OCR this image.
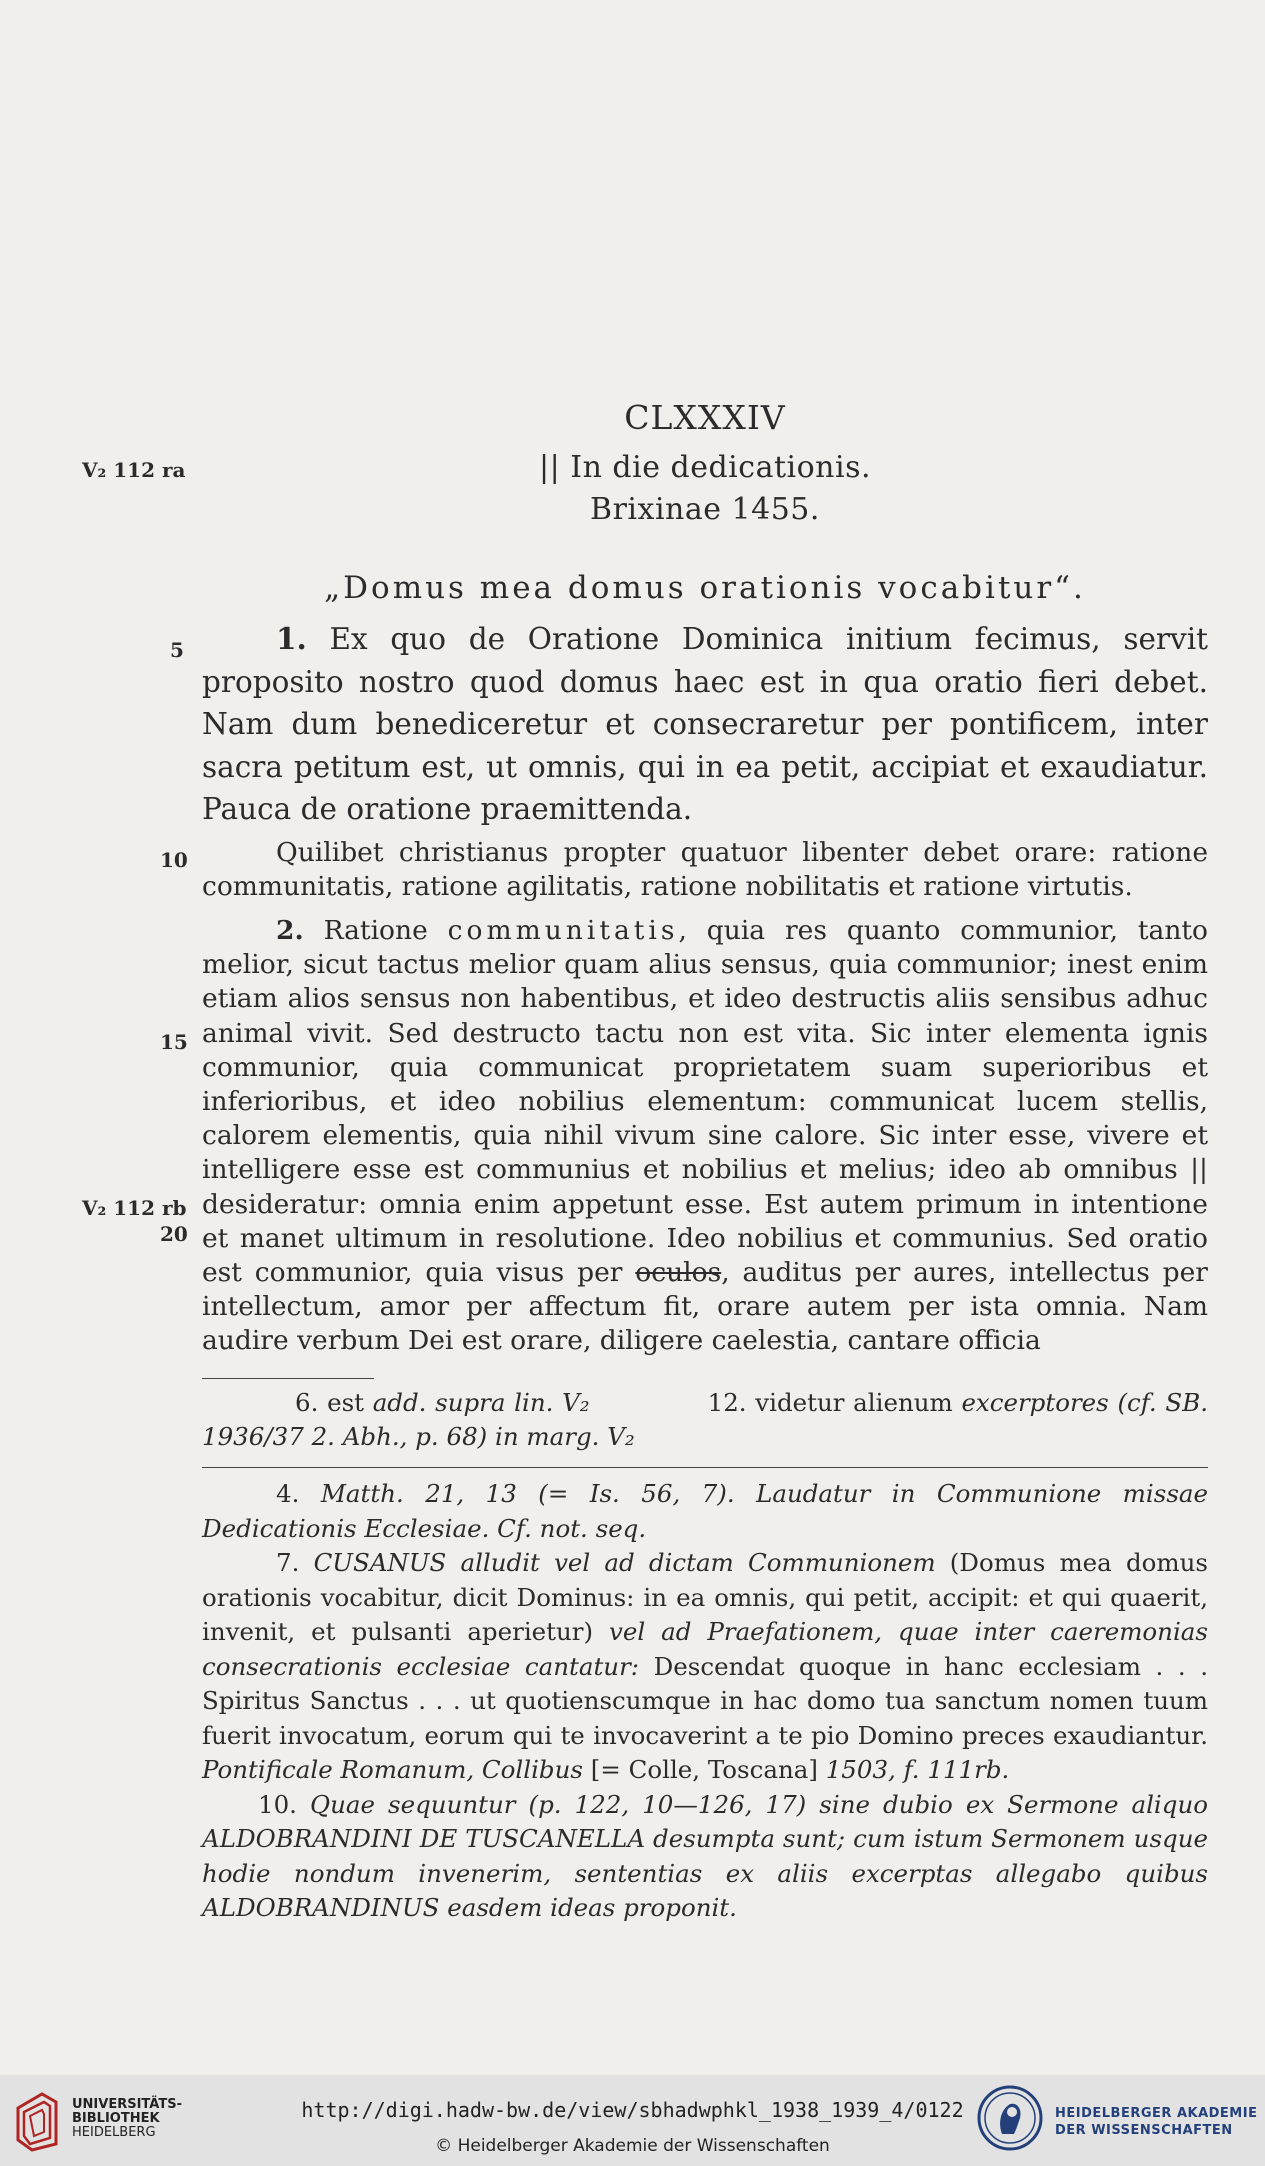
CLXXXIV
|| In die dedicationis.
Brixinae 1455.
„Domus mea domus orationis vocabitur“.
V₂ 112 ra
V₂ 112 rb
5
10
15
20

1. Ex quo de Oratione Dominica initium fecimus, servit proposito nostro quod domus haec est in qua oratio fieri debet. Nam dum benediceretur et consecraretur per pontificem, inter sacra petitum est, ut omnis, qui in ea petit, accipiat et exaudiatur. Pauca de oratione praemittenda.

Quilibet christianus propter quatuor libenter debet orare: ratione communitatis, ratione agilitatis, ratione nobilitatis et ratione virtutis.

2. Ratione communitatis, quia res quanto communior, tanto melior, sicut tactus melior quam alius sensus, quia communior; inest enim etiam alios sensus non habentibus, et ideo destructis aliis sensibus adhuc animal vivit. Sed destructo tactu non est vita. Sic inter elementa ignis communior, quia communicat proprietatem suam superioribus et inferioribus, et ideo nobilius elementum: communicat lucem stellis, calorem elementis, quia nihil vivum sine calore. Sic inter esse, vivere et intelligere esse est communius et nobilius et melius; ideo ab omnibus || desideratur: omnia enim appetunt esse. Est autem primum in intentione et manet ultimum in resolutione. Ideo nobilius et communius. Sed oratio est communior, quia visus per oculos, auditus per aures, intellectus per intellectum, amor per affectum fit, orare autem per ista omnia. Nam audire verbum Dei est orare, diligere caelestia, cantare officia

6. est add. supra lin. V₂	12. videtur alienum excerptores (cf. SB. 1936/37 2. Abh., p. 68) in marg. V₂

4. Matth. 21, 13 (= Is. 56, 7). Laudatur in Communione missae Dedicationis Ecclesiae. Cf. not. seq.

7. CUSANUS alludit vel ad dictam Communionem (Domus mea domus orationis vocabitur, dicit Dominus: in ea omnis, qui petit, accipit: et qui quaerit, invenit, et pulsanti aperietur) vel ad Praefationem, quae inter caeremonias consecrationis ecclesiae cantatur: Descendat quoque in hanc ecclesiam . . . Spiritus Sanctus . . . ut quotienscumque in hac domo tua sanctum nomen tuum fuerit invocatum, eorum qui te invocaverint a te pio Domino preces exaudiantur. Pontificale Romanum, Collibus [= Colle, Toscana] 1503, f. 111rb.

10. Quae sequuntur (p. 122, 10—126, 17) sine dubio ex Sermone aliquo ALDOBRANDINI DE TUSCANELLA desumpta sunt; cum istum Sermonem usque hodie nondum invenerim, sententias ex aliis excerptas allegabo quibus ALDOBRANDINUS easdem ideas proponit.

UNIVERSITÄTS-
BIBLIOTHEK
HEIDELBERG
http://digi.hadw-bw.de/view/sbhadwphkl_1938_1939_4/0122
© Heidelberger Akademie der Wissenschaften
HEIDELBERGER AKADEMIE
DER WISSENSCHAFTEN
